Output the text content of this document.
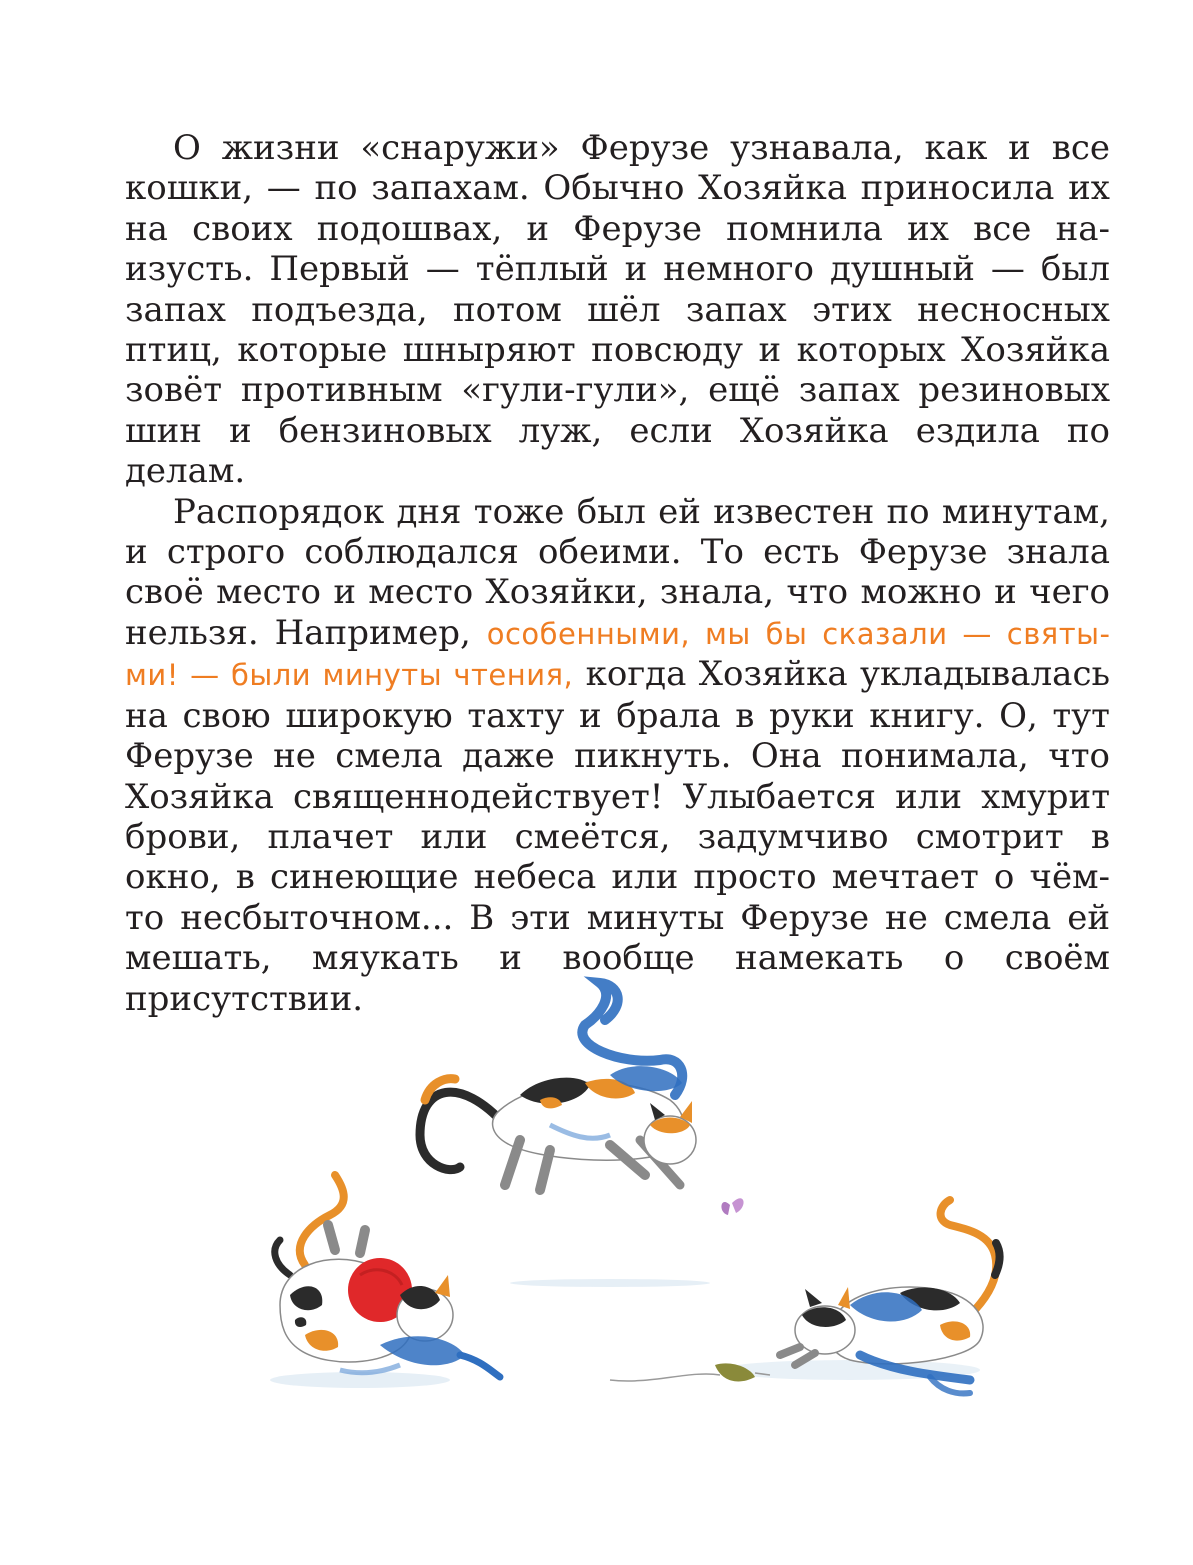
О жизни «снаружи» Ферузе узнавала, как и все кошки, — по запахам. Обычно Хозяйка приносила их на своих подошвах, и Ферузе помнила их все наизусть. Первый — тёплый и немного душный — был запах подъезда, потом шёл запах этих несносных птиц, которые шныряют повсюду и которых Хозяйка зовёт противным «гули-гули», ещё запах резиновых шин и бензиновых луж, если Хозяйка ездила по делам.

Распорядок дня тоже был ей известен по минутам, и строго соблюдался обеими. То есть Ферузе знала своё место и место Хозяйки, знала, что можно и чего нельзя. Например, особенными, мы бы сказали — святыми! — были минуты чтения, когда Хозяйка укладывалась на свою широкую тахту и брала в руки книгу. О, тут Ферузе не смела даже пикнуть. Она понимала, что Хозяйка священнодействует! Улыбается или хмурит брови, плачет или смеётся, задумчиво смотрит в окно, в синеющие небеса или просто мечтает о чём-то несбыточном... В эти минуты Ферузе не смела ей мешать, мяукать и вообще намекать о своём присутствии.
